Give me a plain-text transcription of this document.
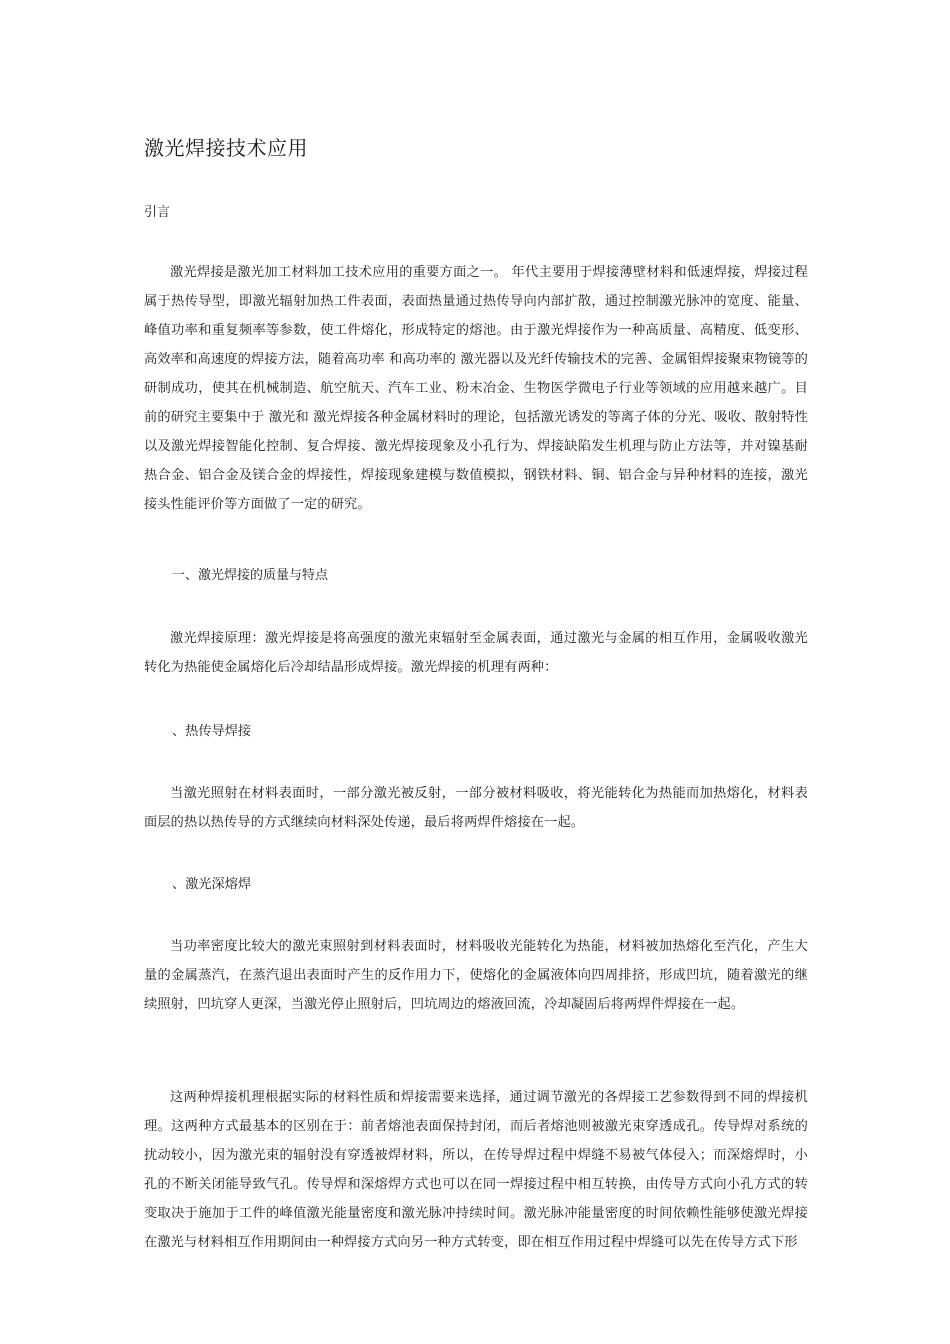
激光焊接技术应用

引言

激光焊接是激光加工材料加工技术应用的重要方面之一。 年代主要用于焊接薄壁材料和低速焊接，焊接过程属于热传导型，即激光辐射加热工件表面，表面热量通过热传导向内部扩散，通过控制激光脉冲的宽度、能量、峰值功率和重复频率等参数，使工件熔化，形成特定的熔池。由于激光焊接作为一种高质量、高精度、低变形、高效率和高速度的焊接方法，随着高功率 和高功率的 激光器以及光纤传输技术的完善、金属钼焊接聚束物镜等的研制成功，使其在机械制造、航空航天、汽车工业、粉末冶金、生物医学微电子行业等领域的应用越来越广。目前的研究主要集中于 激光和 激光焊接各种金属材料时的理论，包括激光诱发的等离子体的分光、吸收、散射特性以及激光焊接智能化控制、复合焊接、激光焊接现象及小孔行为、焊接缺陷发生机理与防止方法等，并对镍基耐热合金、铝合金及镁合金的焊接性，焊接现象建模与数值模拟，钢铁材料、铜、铝合金与异种材料的连接，激光接头性能评价等方面做了一定的研究。

一、激光焊接的质量与特点

激光焊接原理：激光焊接是将高强度的激光束辐射至金属表面，通过激光与金属的相互作用，金属吸收激光转化为热能使金属熔化后冷却结晶形成焊接。激光焊接的机理有两种：

、热传导焊接

当激光照射在材料表面时，一部分激光被反射，一部分被材料吸收，将光能转化为热能而加热熔化，材料表面层的热以热传导的方式继续向材料深处传递，最后将两焊件熔接在一起。

、激光深熔焊

当功率密度比较大的激光束照射到材料表面时，材料吸收光能转化为热能，材料被加热熔化至汽化，产生大量的金属蒸汽，在蒸汽退出表面时产生的反作用力下，使熔化的金属液体向四周排挤，形成凹坑，随着激光的继续照射，凹坑穿人更深，当激光停止照射后，凹坑周边的熔液回流，冷却凝固后将两焊件焊接在一起。

这两种焊接机理根据实际的材料性质和焊接需要来选择，通过调节激光的各焊接工艺参数得到不同的焊接机理。这两种方式最基本的区别在于：前者熔池表面保持封闭，而后者熔池则被激光束穿透成孔。传导焊对系统的扰动较小，因为激光束的辐射没有穿透被焊材料，所以，在传导焊过程中焊缝不易被气体侵入；而深熔焊时，小孔的不断关闭能导致气孔。传导焊和深熔焊方式也可以在同一焊接过程中相互转换，由传导方式向小孔方式的转变取决于施加于工件的峰值激光能量密度和激光脉冲持续时间。激光脉冲能量密度的时间依赖性能够使激光焊接在激光与材料相互作用期间由一种焊接方式向另一种方式转变，即在相互作用过程中焊缝可以先在传导方式下形
